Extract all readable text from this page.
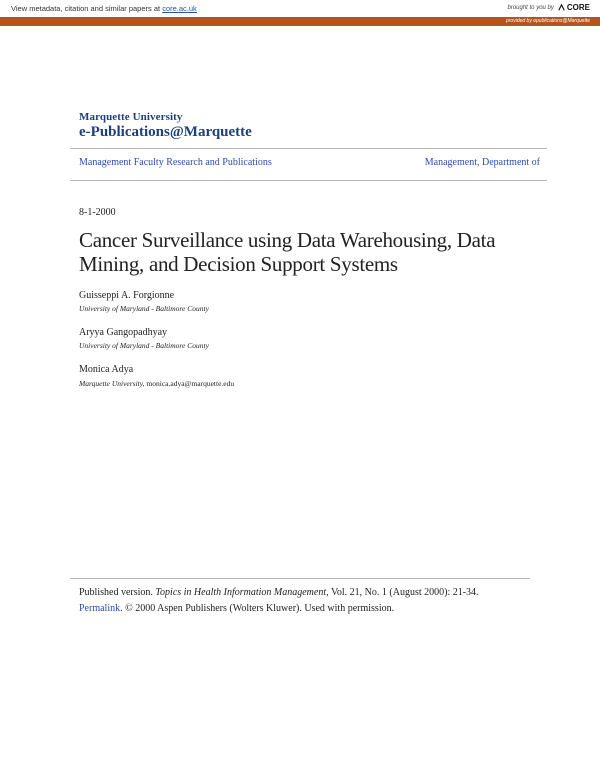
View metadata, citation and similar papers at core.ac.uk	brought to you by CORE
provided by epublications@Marquette
Marquette University
e-Publications@Marquette
Management Faculty Research and Publications	Management, Department of
8-1-2000
Cancer Surveillance using Data Warehousing, Data Mining, and Decision Support Systems
Guisseppi A. Forgionne
University of Maryland - Baltimore County
Aryya Gangopadhyay
University of Maryland - Baltimore County
Monica Adya
Marquette University, monica.adya@marquette.edu
Published version. Topics in Health Information Management, Vol. 21, No. 1 (August 2000): 21-34.
Permalink. © 2000 Aspen Publishers (Wolters Kluwer). Used with permission.
